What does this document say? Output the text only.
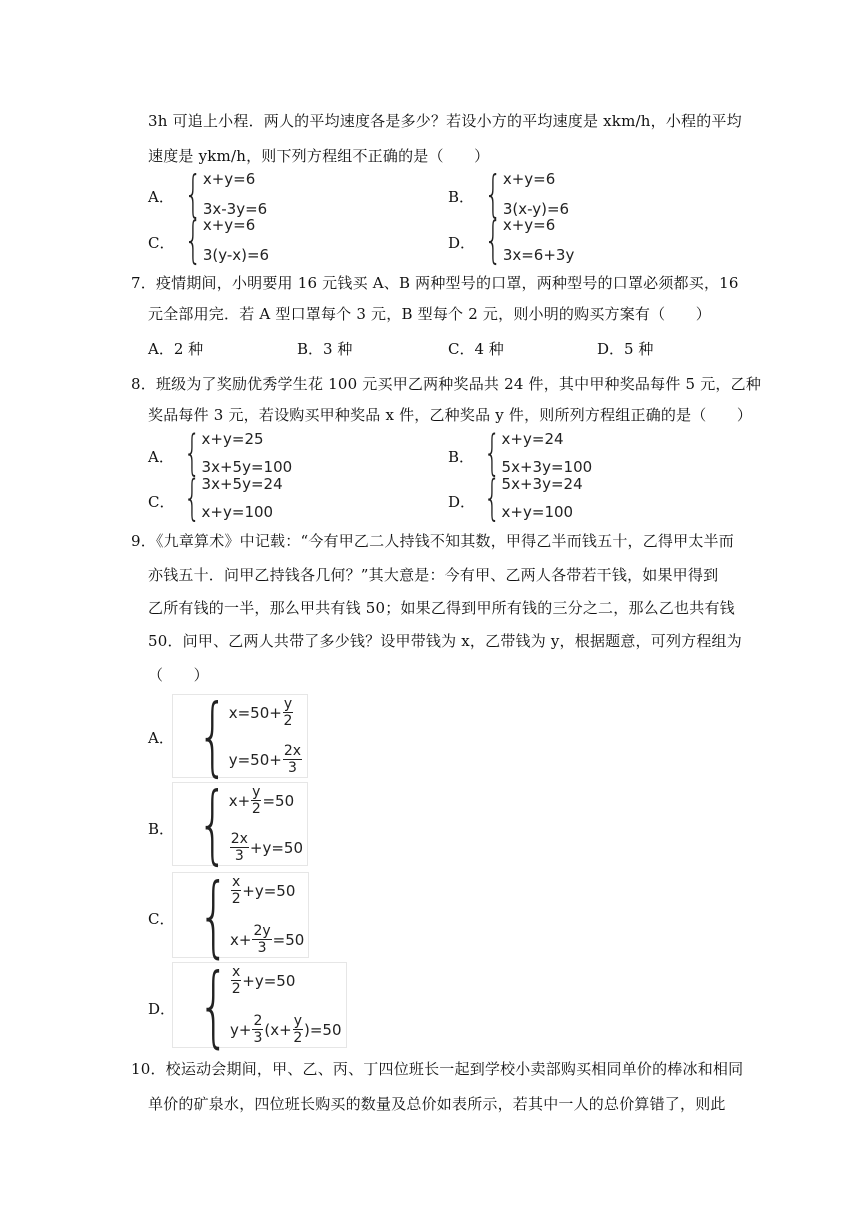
3h 可追上小程．两人的平均速度各是多少？若设小方的平均速度是 xkm/h，小程的平均
速度是 ykm/h，则下列方程组不正确的是（　　）
A． { x+y=6
3x-3y=6
B． { x+y=6
3(x-y)=6
C． { x+y=6
3(y-x)=6
D． { x+y=6
3x=6+3y
7．疫情期间，小明要用 16 元钱买 A、B 两种型号的口罩，两种型号的口罩必须都买，16
元全部用完．若 A 型口罩每个 3 元，B 型每个 2 元，则小明的购买方案有（　　）
A．2 种	B．3 种	C．4 种	D．5 种
8．班级为了奖励优秀学生花 100 元买甲乙两种奖品共 24 件，其中甲种奖品每件 5 元，乙种
奖品每件 3 元，若设购买甲种奖品 x 件，乙种奖品 y 件，则所列方程组正确的是（　　）
A． { x+y=25
3x+5y=100
B． { x+y=24
5x+3y=100
C． { 3x+5y=24
x+y=100
D． { 5x+3y=24
x+y=100
9．《九章算术》中记载：“今有甲乙二人持钱不知其数，甲得乙半而钱五十，乙得甲太半而
亦钱五十．问甲乙持钱各几何？”其大意是：今有甲、乙两人各带若干钱，如果甲得到
乙所有钱的一半，那么甲共有钱 50；如果乙得到甲所有钱的三分之二，那么乙也共有钱
50．问甲、乙两人共带了多少钱？设甲带钱为 x，乙带钱为 y，根据题意，可列方程组为
（　　）
A． { $x=50+ \frac{y}{2}$
$y=50+ \frac{2x}{3}$
B． { $x+ \frac{y}{2} =50$
$\frac{2x}{3} +y=50$
C． { $\frac{x}{2} +y=50$
$x+ \frac{2y}{3} =50$
D． { $\frac{x}{2} +y=50$
$y+ \frac{2}{3} (x+ \frac{y}{2} )=50$
10．校运动会期间，甲、乙、丙、丁四位班长一起到学校小卖部购买相同单价的棒冰和相同
单价的矿泉水，四位班长购买的数量及总价如表所示，若其中一人的总价算错了，则此
